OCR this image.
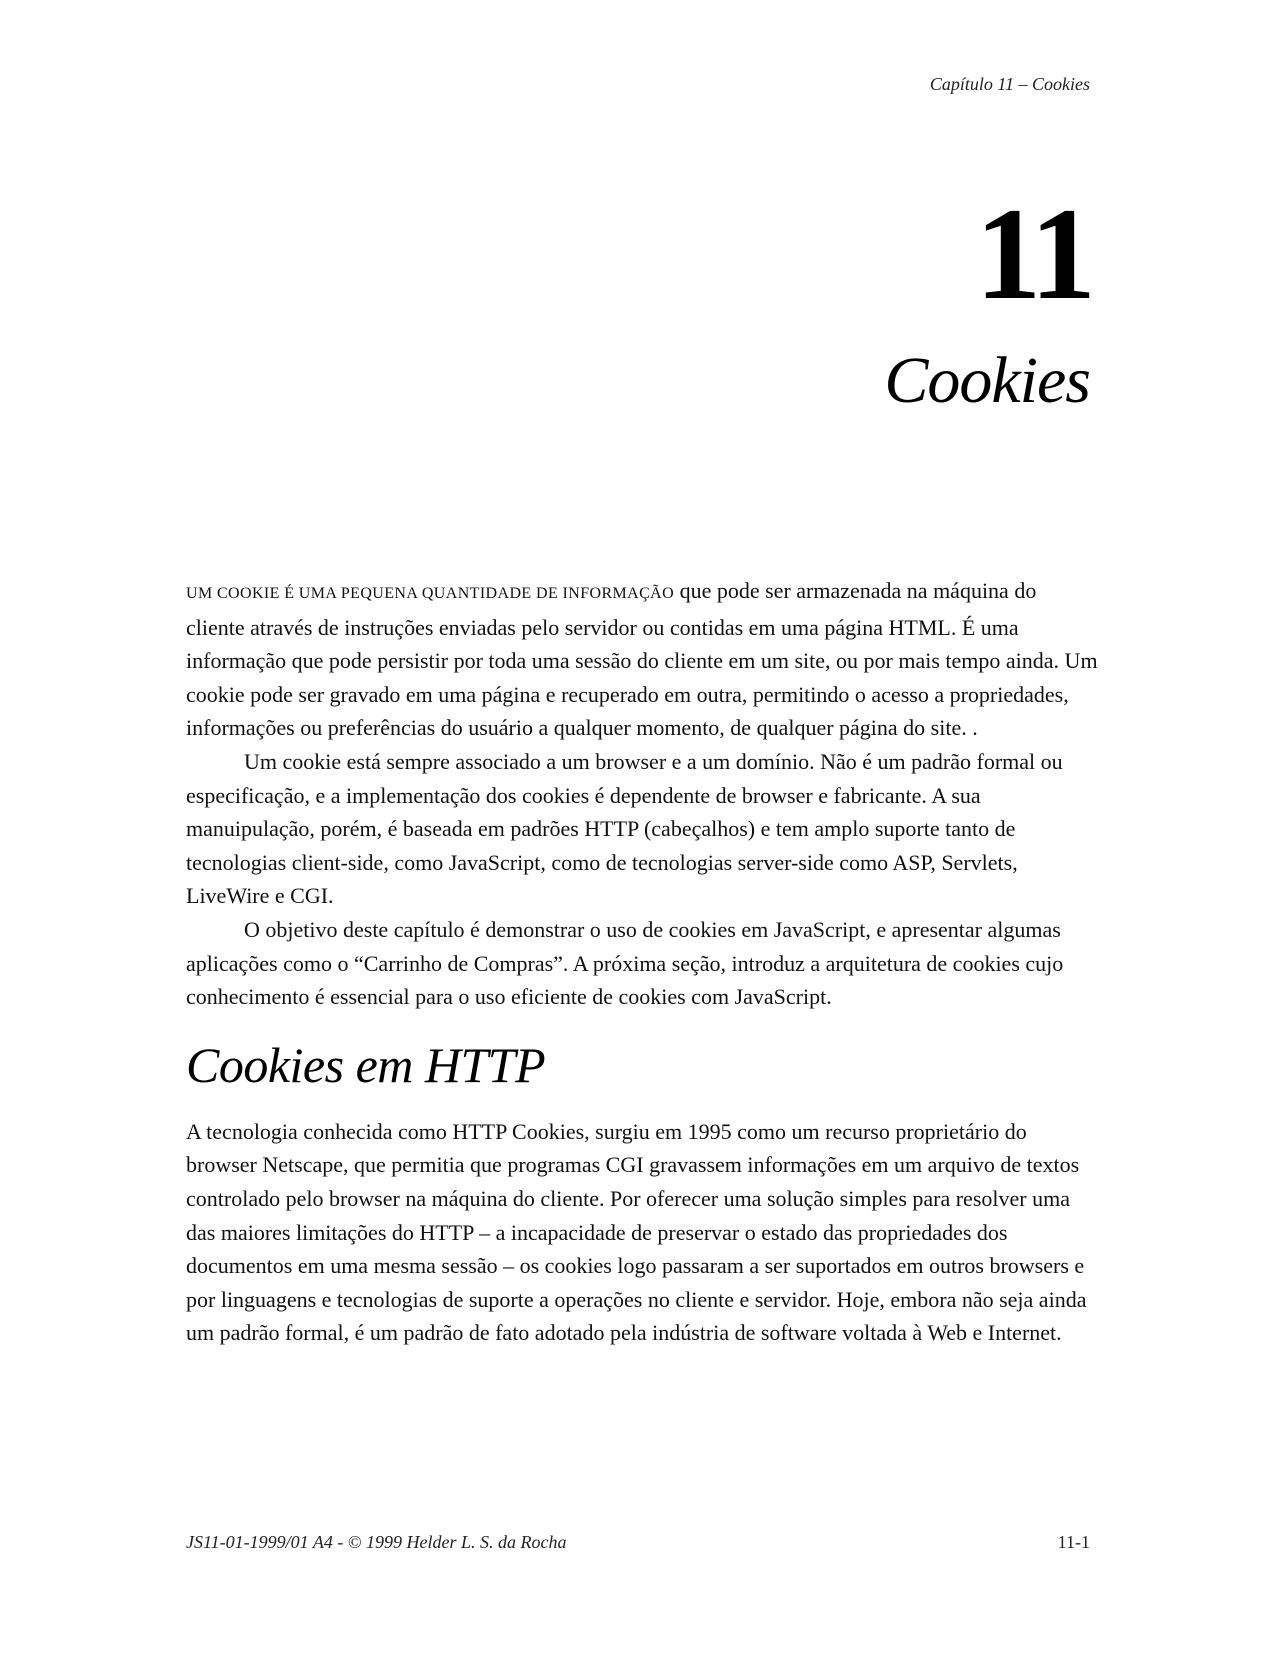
Capítulo 11 – Cookies
11
Cookies

UM COOKIE É UMA PEQUENA QUANTIDADE DE INFORMAÇÃO que pode ser armazenada na máquina do cliente através de instruções enviadas pelo servidor ou contidas em uma página HTML. É uma informação que pode persistir por toda uma sessão do cliente em um site, ou por mais tempo ainda. Um cookie pode ser gravado em uma página e recuperado em outra, permitindo o acesso a propriedades, informações ou preferências do usuário a qualquer momento, de qualquer página do site. .

Um cookie está sempre associado a um browser e a um domínio. Não é um padrão formal ou especificação, e a implementação dos cookies é dependente de browser e fabricante. A sua manuipulação, porém, é baseada em padrões HTTP (cabeçalhos) e tem amplo suporte tanto de tecnologias client-side, como JavaScript, como de tecnologias server-side como ASP, Servlets, LiveWire e CGI.

O objetivo deste capítulo é demonstrar o uso de cookies em JavaScript, e apresentar algumas aplicações como o “Carrinho de Compras”. A próxima seção, introduz a arquitetura de cookies cujo conhecimento é essencial para o uso eficiente de cookies com JavaScript.

Cookies em HTTP

A tecnologia conhecida como HTTP Cookies, surgiu em 1995 como um recurso proprietário do browser Netscape, que permitia que programas CGI gravassem informações em um arquivo de textos controlado pelo browser na máquina do cliente. Por oferecer uma solução simples para resolver uma das maiores limitações do HTTP – a incapacidade de preservar o estado das propriedades dos documentos em uma mesma sessão – os cookies logo passaram a ser suportados em outros browsers e por linguagens e tecnologias de suporte a operações no cliente e servidor. Hoje, embora não seja ainda um padrão formal, é um padrão de fato adotado pela indústria de software voltada à Web e Internet.

JS11-01-1999/01 A4 - © 1999 Helder L. S. da Rocha	11-1
